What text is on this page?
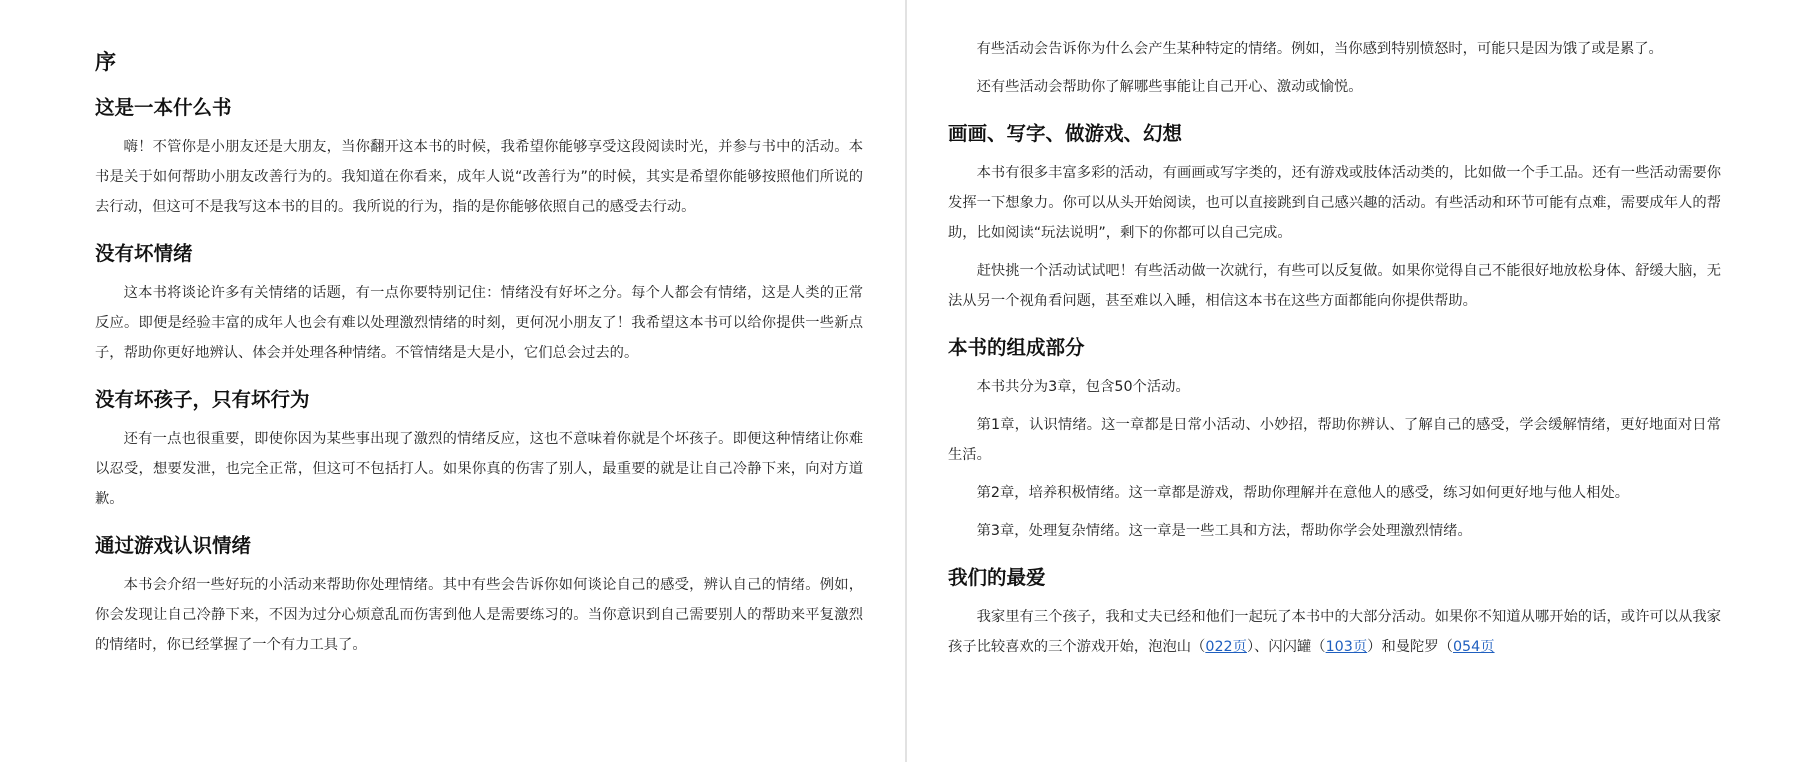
序
这是一本什么书

嗨！不管你是小朋友还是大朋友，当你翻开这本书的时候，我希望你能够享受这段阅读时光，并参与书中的活动。本书是关于如何帮助小朋友改善行为的。我知道在你看来，成年人说“改善行为”的时候，其实是希望你能够按照他们所说的去行动，但这可不是我写这本书的目的。我所说的行为，指的是你能够依照自己的感受去行动。

没有坏情绪

这本书将谈论许多有关情绪的话题，有一点你要特别记住：情绪没有好坏之分。每个人都会有情绪，这是人类的正常反应。即便是经验丰富的成年人也会有难以处理激烈情绪的时刻，更何况小朋友了！我希望这本书可以给你提供一些新点子，帮助你更好地辨认、体会并处理各种情绪。不管情绪是大是小，它们总会过去的。

没有坏孩子，只有坏行为

还有一点也很重要，即使你因为某些事出现了激烈的情绪反应，这也不意味着你就是个坏孩子。即便这种情绪让你难以忍受，想要发泄，也完全正常，但这可不包括打人。如果你真的伤害了别人，最重要的就是让自己冷静下来，向对方道歉。

通过游戏认识情绪

本书会介绍一些好玩的小活动来帮助你处理情绪。其中有些会告诉你如何谈论自己的感受，辨认自己的情绪。例如，你会发现让自己冷静下来，不因为过分心烦意乱而伤害到他人是需要练习的。当你意识到自己需要别人的帮助来平复激烈的情绪时，你已经掌握了一个有力工具了。

有些活动会告诉你为什么会产生某种特定的情绪。例如，当你感到特别愤怒时，可能只是因为饿了或是累了。

还有些活动会帮助你了解哪些事能让自己开心、激动或愉悦。

画画、写字、做游戏、幻想

本书有很多丰富多彩的活动，有画画或写字类的，还有游戏或肢体活动类的，比如做一个手工品。还有一些活动需要你发挥一下想象力。你可以从头开始阅读，也可以直接跳到自己感兴趣的活动。有些活动和环节可能有点难，需要成年人的帮助，比如阅读“玩法说明”，剩下的你都可以自己完成。

赶快挑一个活动试试吧！有些活动做一次就行，有些可以反复做。如果你觉得自己不能很好地放松身体、舒缓大脑，无法从另一个视角看问题，甚至难以入睡，相信这本书在这些方面都能向你提供帮助。

本书的组成部分

本书共分为3章，包含50个活动。

第1章，认识情绪。这一章都是日常小活动、小妙招，帮助你辨认、了解自己的感受，学会缓解情绪，更好地面对日常生活。

第2章，培养积极情绪。这一章都是游戏，帮助你理解并在意他人的感受，练习如何更好地与他人相处。

第3章，处理复杂情绪。这一章是一些工具和方法，帮助你学会处理激烈情绪。

我们的最爱

我家里有三个孩子，我和丈夫已经和他们一起玩了本书中的大部分活动。如果你不知道从哪开始的话，或许可以从我家孩子比较喜欢的三个游戏开始，泡泡山（022页）、闪闪罐（103页）和曼陀罗（054页
